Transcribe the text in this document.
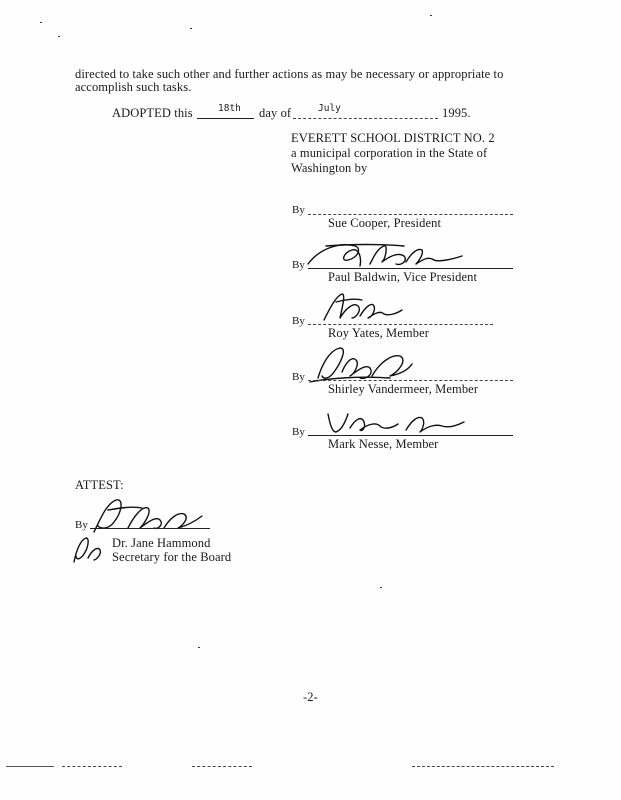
directed to take such other and further actions as may be necessary or appropriate to
accomplish such tasks.
ADOPTED this	18th day of	July	1995.
EVERETT SCHOOL DISTRICT NO. 2
a municipal corporation in the State of
Washington by
By
Sue Cooper, President
By
Paul Baldwin, Vice President
By
Roy Yates, Member
By
Shirley Vandermeer, Member
By
Mark Nesse, Member
ATTEST:
By
Dr. Jane Hammond
Secretary for the Board
-2-
